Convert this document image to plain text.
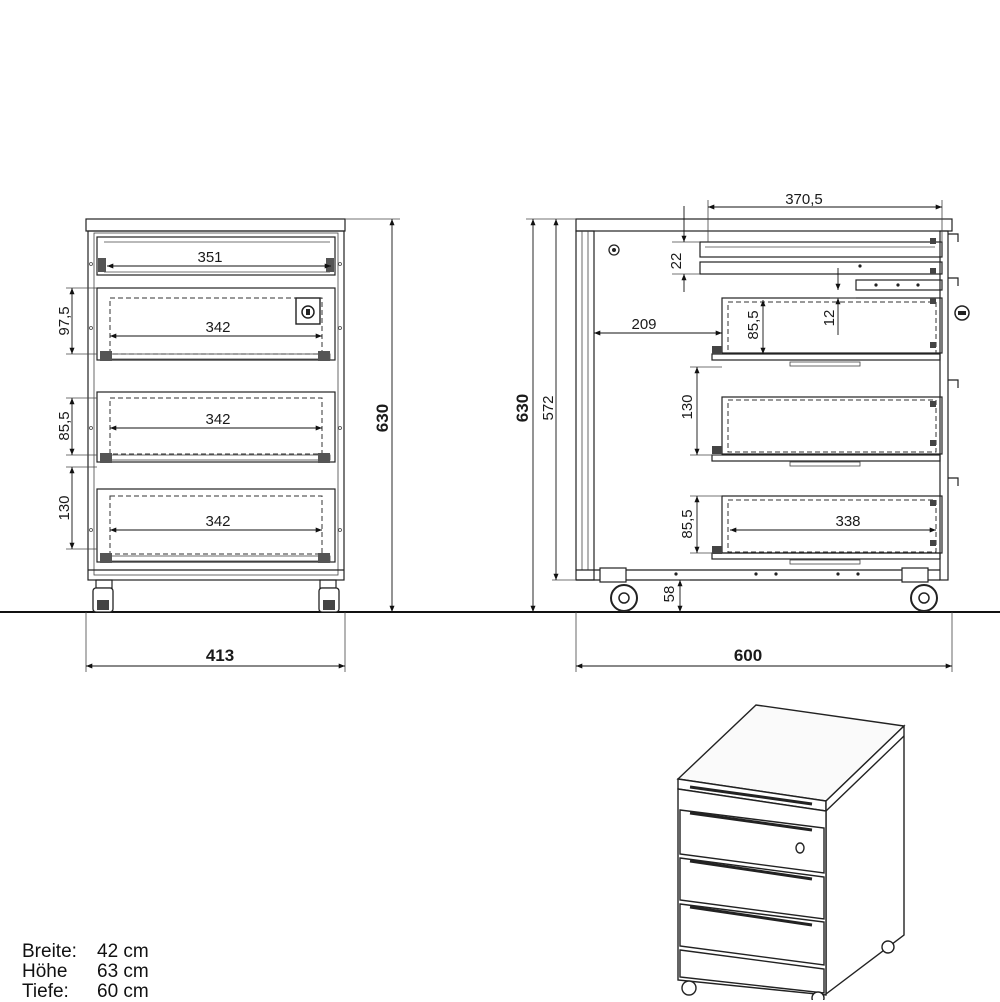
351
342
342
342
97,5
85,5
130
630
413
370,5
22
12
209	85,5
130
85,5	338
58
630 572
600
Breite:	42 cm
Höhe	63 cm
Tiefe:	60 cm
